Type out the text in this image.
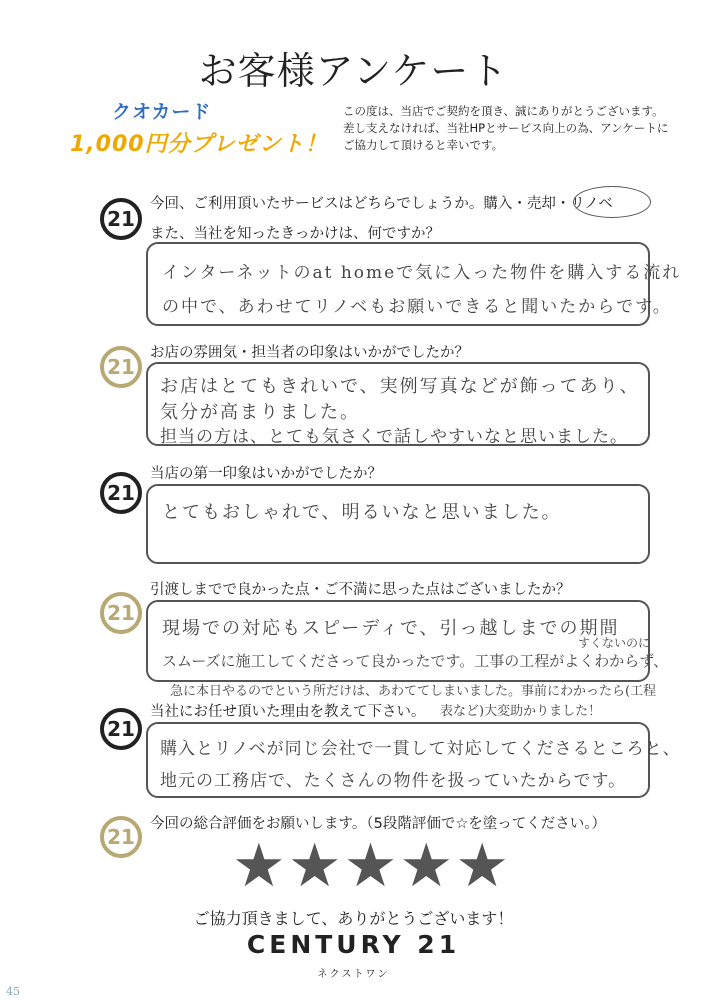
お客様アンケート
クオカード
1,000円分プレゼント！
この度は、当店でご契約を頂き、誠にありがとうございます。
差し支えなければ、当社HPとサービス向上の為、アンケートに
ご協力して頂けると幸いです。
21
今回、ご利用頂いたサービスはどちらでしょうか。購入・売却・リノベ
また、当社を知ったきっかけは、何ですか？
インターネットのat homeで気に入った物件を購入する流れ
の中で、あわせてリノベもお願いできると聞いたからです。
21
お店の雰囲気・担当者の印象はいかがでしたか？
お店はとてもきれいで、実例写真などが飾ってあり、
気分が高まりました。
担当の方は、とても気さくで話しやすいなと思いました。
21
当店の第一印象はいかがでしたか？
とてもおしゃれで、明るいなと思いました。
21
引渡しまでで良かった点・ご不満に思った点はございましたか？
現場での対応もスピーディで、引っ越しまでの期間
すくないのに
スムーズに施工してくださって良かったです。工事の工程がよくわからず、
急に本日やるのでという所だけは、あわててしまいました。事前にわかったら(工程
表など)大変助かりました！
21
当社にお任せ頂いた理由を教えて下さい。
購入とリノベが同じ会社で一貫して対応してくださるところと、
地元の工務店で、たくさんの物件を扱っていたからです。
21
今回の総合評価をお願いします。（5段階評価で☆を塗ってください。）
★ ★ ★ ★ ★
ご協力頂きまして、ありがとうございます！
CENTURY 21
ネクストワン
45
